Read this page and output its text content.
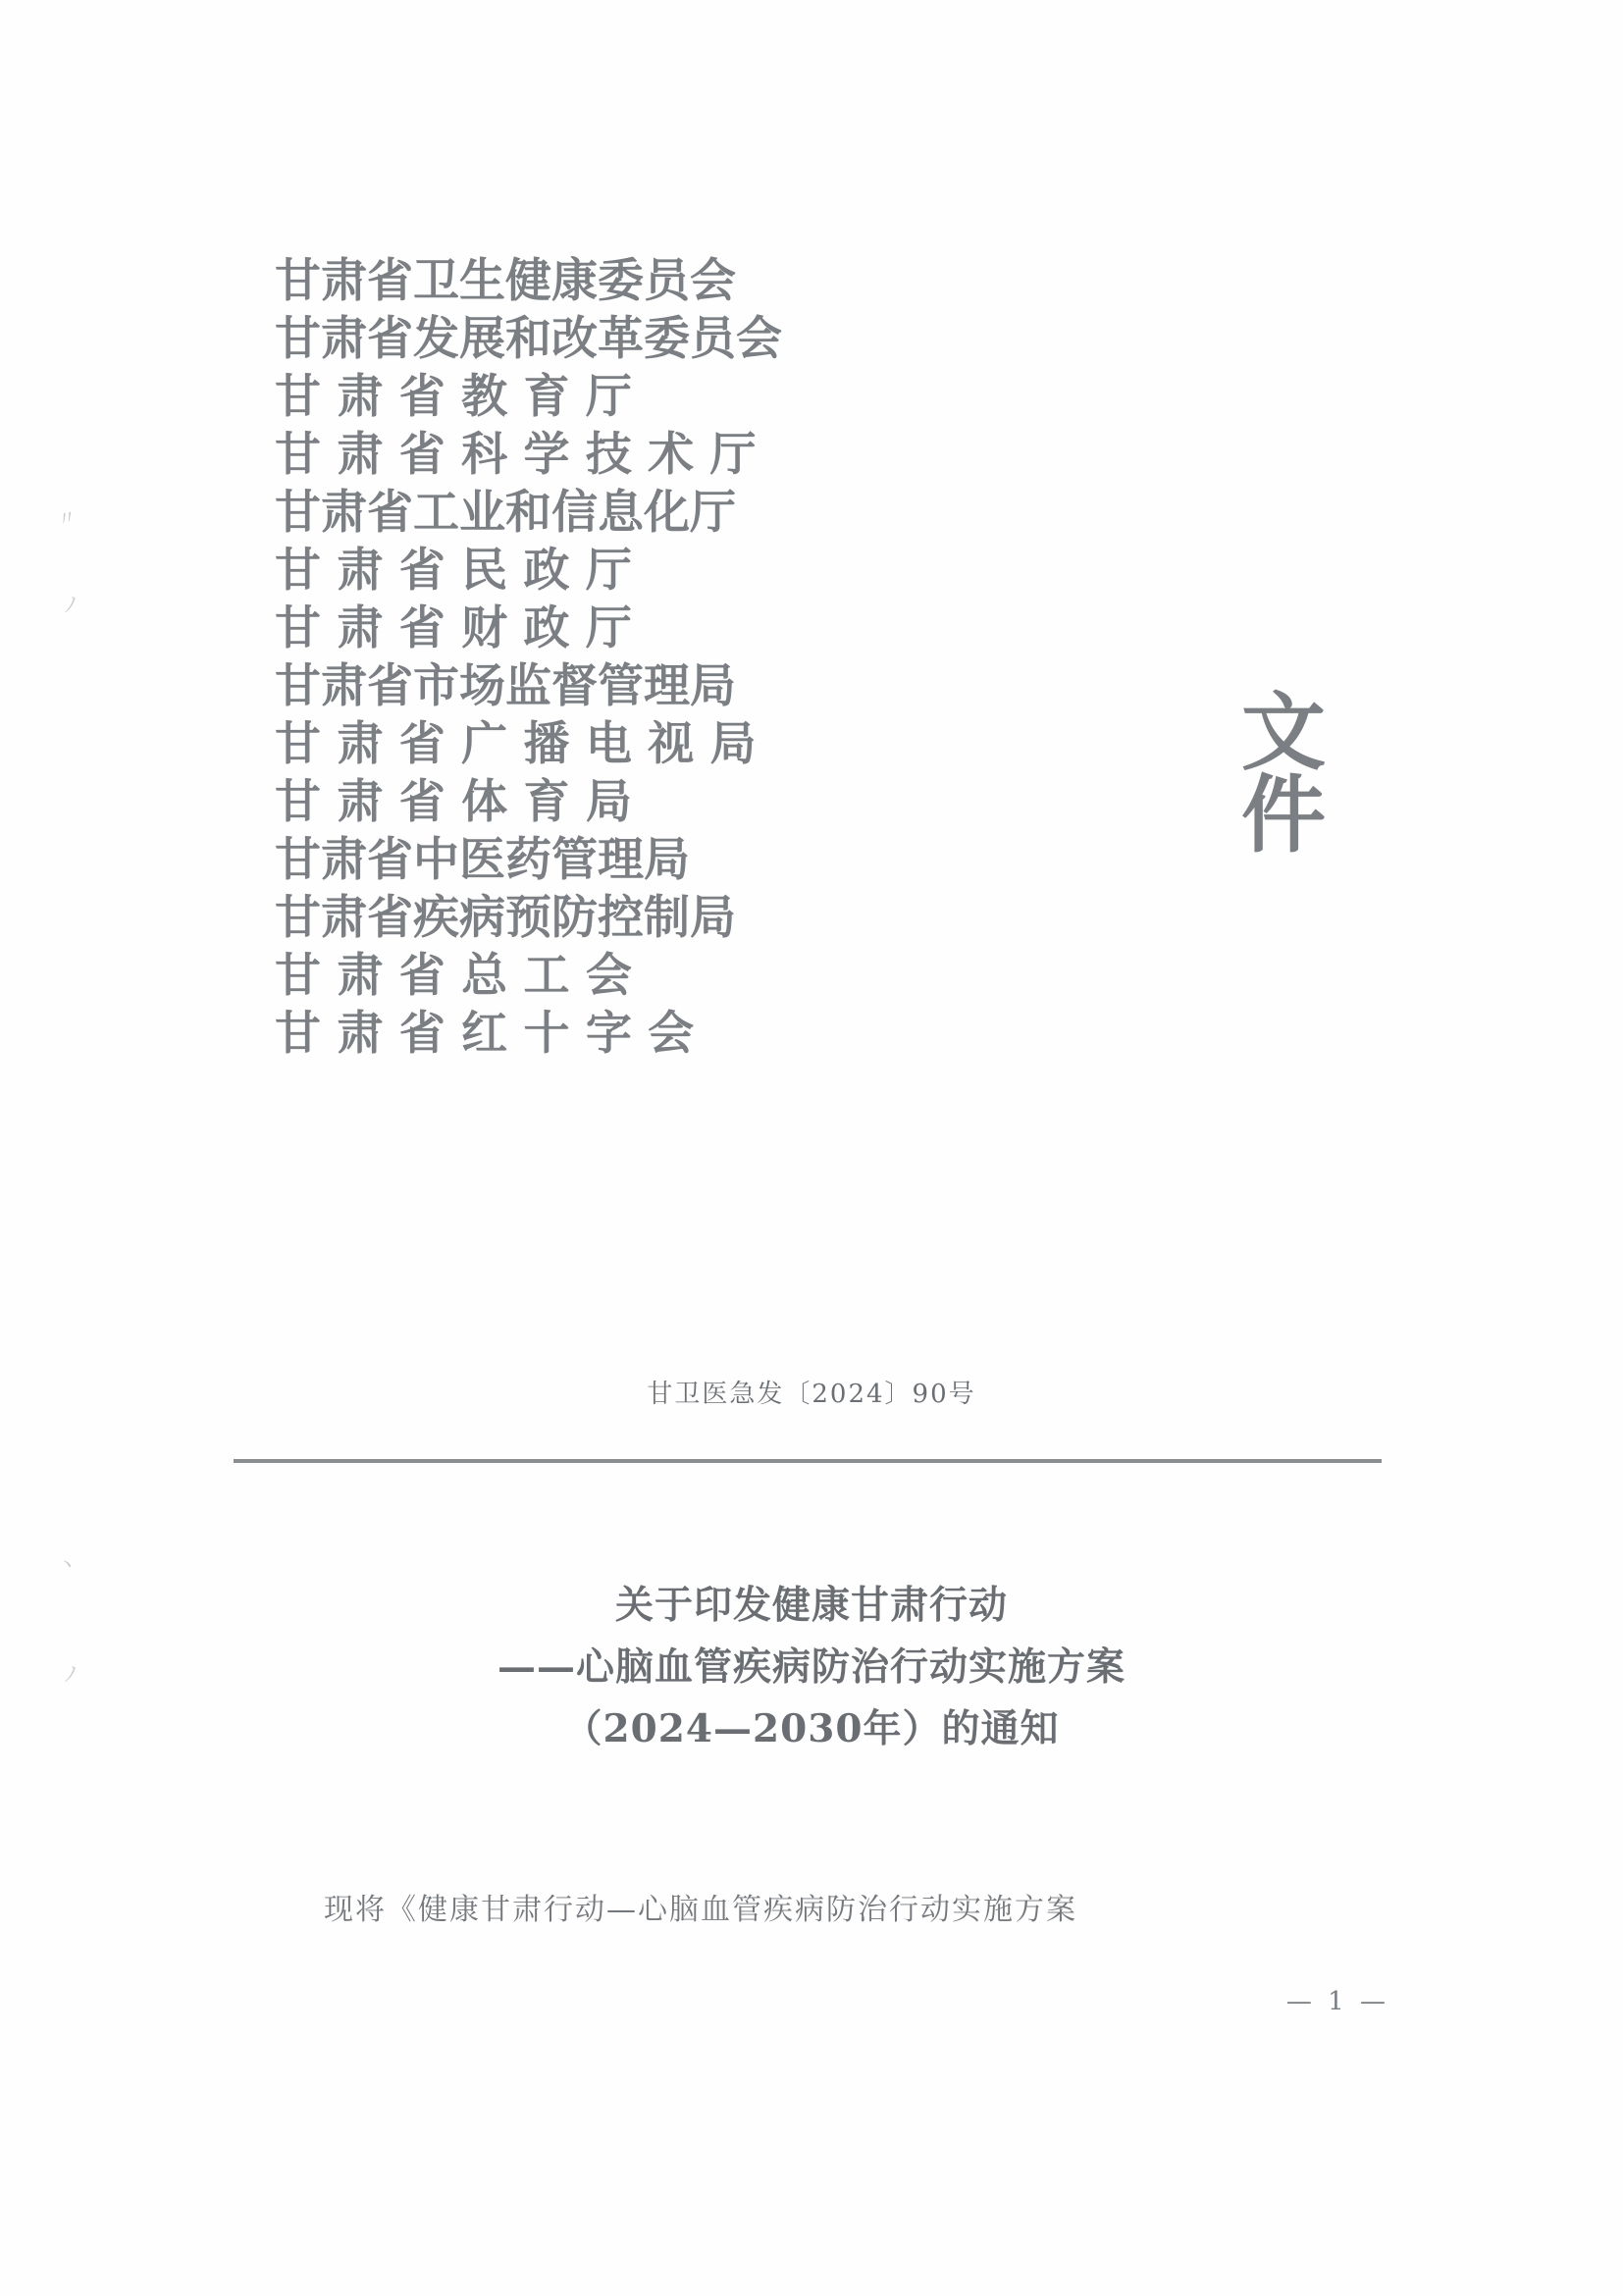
〃
ノ
ヽ
ノ
甘肃省卫生健康委员会
甘肃省发展和改革委员会
甘 肃 省 教 育 厅
甘 肃 省 科 学 技 术 厅
甘肃省工业和信息化厅
甘 肃 省 民 政 厅
甘 肃 省 财 政 厅
甘肃省市场监督管理局
甘 肃 省 广 播 电 视 局
甘 肃 省 体 育 局
甘肃省中医药管理局
甘肃省疾病预防控制局
甘 肃 省 总 工 会
甘 肃 省 红 十 字 会
文
件
甘卫医急发〔2024〕90号
关于印发健康甘肃行动
——心脑血管疾病防治行动实施方案
（2024—2030年）的通知
现将《健康甘肃行动—心脑血管疾病防治行动实施方案
— 1 —
